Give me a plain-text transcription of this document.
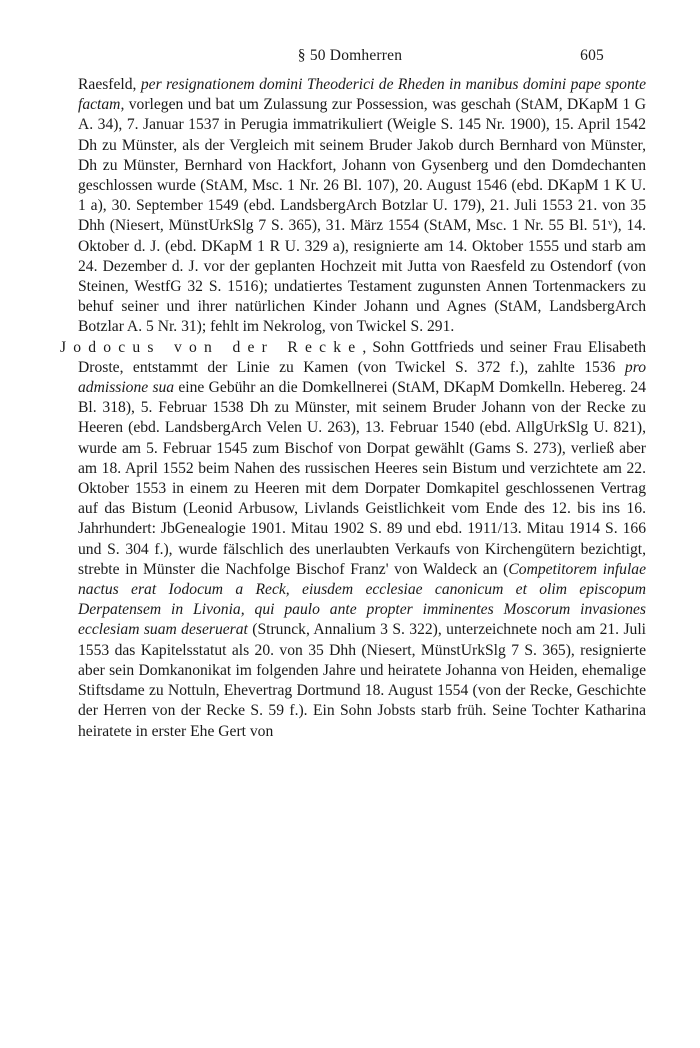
§ 50 Domherren	605

Raesfeld, per resignationem domini Theoderici de Rheden in manibus domini pape sponte factam, vorlegen und bat um Zulassung zur Possession, was geschah (StAM, DKapM 1 G A. 34), 7. Januar 1537 in Perugia immatrikuliert (Weigle S. 145 Nr. 1900), 15. April 1542 Dh zu Münster, als der Vergleich mit seinem Bruder Jakob durch Bernhard von Münster, Dh zu Münster, Bernhard von Hackfort, Johann von Gysenberg und den Domdechanten geschlossen wurde (StAM, Msc. 1 Nr. 26 Bl. 107), 20. August 1546 (ebd. DKapM 1 K U. 1 a), 30. September 1549 (ebd. LandsbergArch Botzlar U. 179), 21. Juli 1553 21. von 35 Dhh (Niesert, MünstUrkSlg 7 S. 365), 31. März 1554 (StAM, Msc. 1 Nr. 55 Bl. 51ᵛ), 14. Oktober d. J. (ebd. DKapM 1 R U. 329 a), resignierte am 14. Oktober 1555 und starb am 24. Dezember d. J. vor der geplanten Hochzeit mit Jutta von Raesfeld zu Ostendorf (von Steinen, WestfG 32 S. 1516); undatiertes Testament zugunsten Annen Tortenmackers zu behuf seiner und ihrer natürlichen Kinder Johann und Agnes (StAM, LandsbergArch Botzlar A. 5 Nr. 31); fehlt im Nekrolog, von Twickel S. 291.

Jodocus von der Recke, Sohn Gottfrieds und seiner Frau Elisabeth Droste, entstammt der Linie zu Kamen (von Twickel S. 372 f.), zahlte 1536 pro admissione sua eine Gebühr an die Domkellnerei (StAM, DKapM Domkelln. Hebereg. 24 Bl. 318), 5. Februar 1538 Dh zu Münster, mit seinem Bruder Johann von der Recke zu Heeren (ebd. LandsbergArch Velen U. 263), 13. Februar 1540 (ebd. AllgUrkSlg U. 821), wurde am 5. Februar 1545 zum Bischof von Dorpat gewählt (Gams S. 273), verließ aber am 18. April 1552 beim Nahen des russischen Heeres sein Bistum und verzichtete am 22. Oktober 1553 in einem zu Heeren mit dem Dorpater Domkapitel geschlossenen Vertrag auf das Bistum (Leonid Arbusow, Livlands Geistlichkeit vom Ende des 12. bis ins 16. Jahrhundert: JbGenealogie 1901. Mitau 1902 S. 89 und ebd. 1911/13. Mitau 1914 S. 166 und S. 304 f.), wurde fälschlich des unerlaubten Verkaufs von Kirchengütern bezichtigt, strebte in Münster die Nachfolge Bischof Franz' von Waldeck an (Competitorem infulae nactus erat Iodocum a Reck, eiusdem ecclesiae canonicum et olim episcopum Derpatensem in Livonia, qui paulo ante propter imminentes Moscorum invasiones ecclesiam suam deseruerat (Strunck, Annalium 3 S. 322), unterzeichnete noch am 21. Juli 1553 das Kapitelsstatut als 20. von 35 Dhh (Niesert, MünstUrkSlg 7 S. 365), resignierte aber sein Domkanonikat im folgenden Jahre und heiratete Johanna von Heiden, ehemalige Stiftsdame zu Nottuln, Ehevertrag Dortmund 18. August 1554 (von der Recke, Geschichte der Herren von der Recke S. 59 f.). Ein Sohn Jobsts starb früh. Seine Tochter Katharina heiratete in erster Ehe Gert von
